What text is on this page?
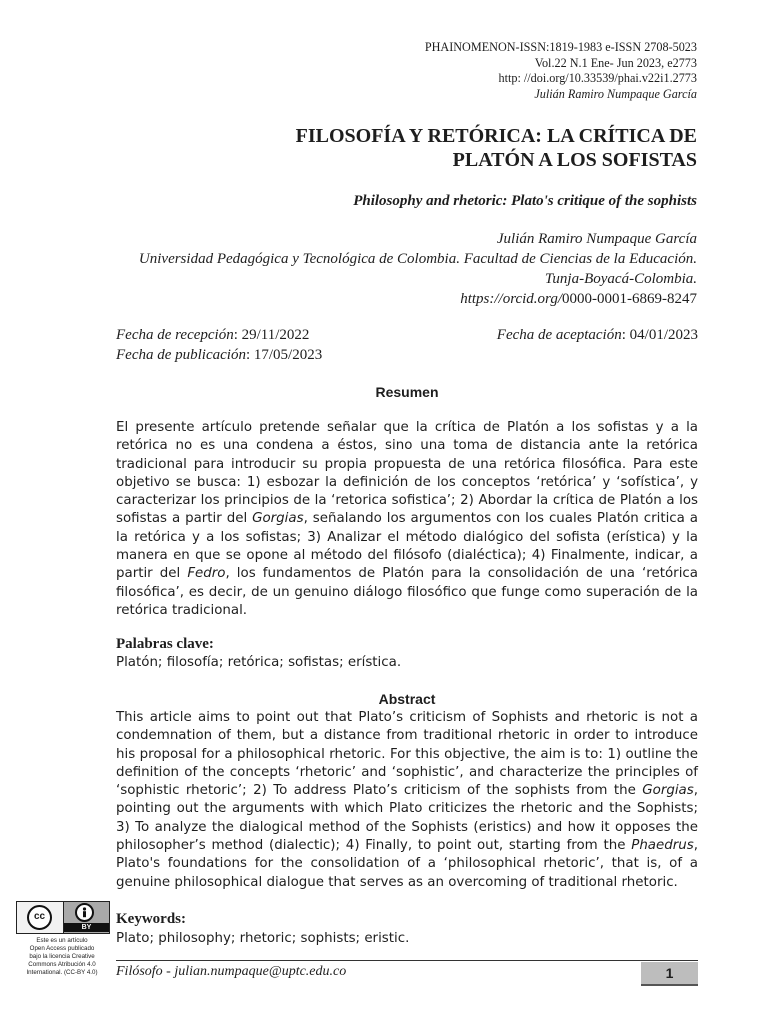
PHAINOMENON-ISSN:1819-1983 e-ISSN 2708-5023
Vol.22 N.1 Ene- Jun 2023, e2773
http: //doi.org/10.33539/phai.v22i1.2773
Julián Ramiro Numpaque García
FILOSOFÍA Y RETÓRICA: LA CRÍTICA DE
PLATÓN A LOS SOFISTAS
Philosophy and rhetoric: Plato's critique of the sophists
Julián Ramiro Numpaque García
Universidad Pedagógica y Tecnológica de Colombia. Facultad de Ciencias de la Educación.
Tunja-Boyacá-Colombia.
https://orcid.org/0000-0001-6869-8247
Fecha de recepción: 29/11/2022	Fecha de aceptación: 04/01/2023
Fecha de publicación: 17/05/2023
Resumen
El presente artículo pretende señalar que la crítica de Platón a los sofistas y a la retórica no es una condena a éstos, sino una toma de distancia ante la retórica tradicional para introducir su propia propuesta de una retórica filosófica. Para este objetivo se busca: 1) esbozar la definición de los conceptos ‘retórica’ y ‘sofística’, y caracterizar los principios de la ‘retorica sofistica’; 2) Abordar la crítica de Platón a los sofistas a partir del Gorgias, señalando los argumentos con los cuales Platón critica a la retórica y a los sofistas; 3) Analizar el método dialógico del sofista (erística) y la manera en que se opone al método del filósofo (dialéctica); 4) Finalmente, indicar, a partir del Fedro, los fundamentos de Platón para la consolidación de una ‘retórica filosófica’, es decir, de un genuino diálogo filosófico que funge como superación de la retórica tradicional.
Palabras clave:
Platón; filosofía; retórica; sofistas; erística.
Abstract
This article aims to point out that Plato’s criticism of Sophists and rhetoric is not a condemnation of them, but a distance from traditional rhetoric in order to introduce his proposal for a philosophical rhetoric. For this objective, the aim is to: 1) outline the definition of the concepts ‘rhetoric’ and ‘sophistic’, and characterize the principles of ‘sophistic rhetoric’; 2) To address Plato’s criticism of the sophists from the Gorgias, pointing out the arguments with which Plato criticizes the rhetoric and the Sophists; 3) To analyze the dialogical method of the Sophists (eristics) and how it opposes the philosopher’s method (dialectic); 4) Finally, to point out, starting from the Phaedrus, Plato's foundations for the consolidation of a ‘philosophical rhetoric’, that is, of a genuine philosophical dialogue that serves as an overcoming of traditional rhetoric.
Keywords:
Plato; philosophy; rhetoric; sophists; eristic.
cc
BY
Este es un artículo
Open Access publicado
bajo la licencia Creative
Commons Atribución 4.0
International. (CC-BY 4.0)	Filósofo - julian.numpaque@uptc.edu.co	1
